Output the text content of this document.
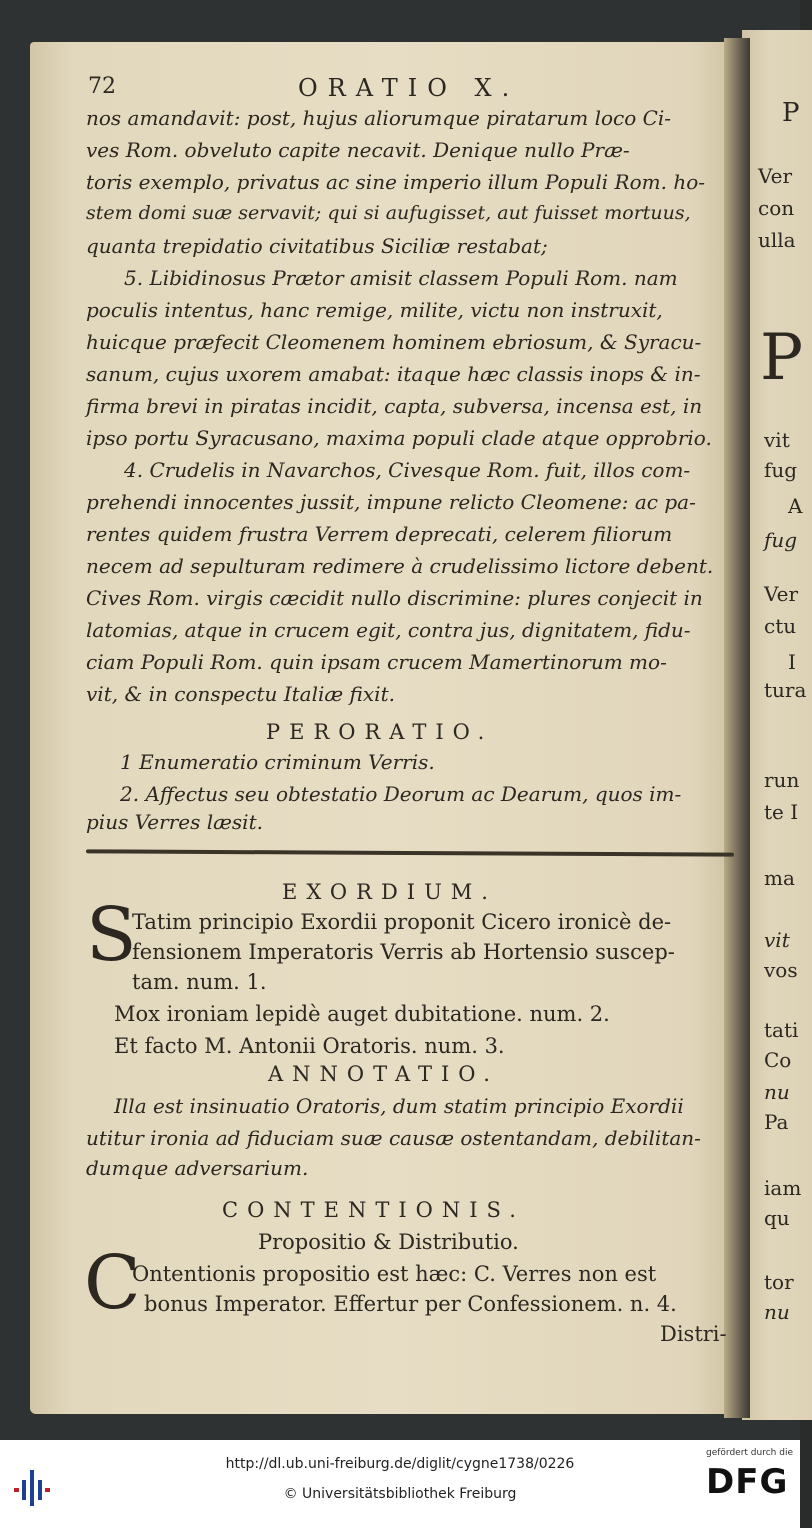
P
Ver
con
ulla
P
vit
fug
A
fug
Ver
ctu
I
tura
run
te I
ma
vit
vos
tati
Co
nu
Pa
iam
qu
tor
nu
72	ORATIO X.
nos amandavit: post, hujus aliorumque piratarum loco Ci-
ves Rom. obveluto capite necavit. Denique nullo Præ-
toris exemplo, privatus ac sine imperio illum Populi Rom. ho-
stem domi suæ servavit; qui si aufugisset, aut fuisset mortuus,
quanta trepidatio civitatibus Siciliæ restabat;
5. Libidinosus Prætor amisit classem Populi Rom. nam
poculis intentus, hanc remige, milite, victu non instruxit,
huicque præfecit Cleomenem hominem ebriosum, & Syracu-
sanum, cujus uxorem amabat: itaque hæc classis inops & in-
firma brevi in piratas incidit, capta, subversa, incensa est, in
ipso portu Syracusano, maxima populi clade atque opprobrio.
4. Crudelis in Navarchos, Civesque Rom. fuit, illos com-
prehendi innocentes jussit, impune relicto Cleomene: ac pa-
rentes quidem frustra Verrem deprecati, celerem filiorum
necem ad sepulturam redimere à crudelissimo lictore debent.
Cives Rom. virgis cæcidit nullo discrimine: plures conjecit in
latomias, atque in crucem egit, contra jus, dignitatem, fidu-
ciam Populi Rom. quin ipsam crucem Mamertinorum mo-
vit, & in conspectu Italiæ fixit.
PERORATIO.
1 Enumeratio criminum Verris.
2. Affectus seu obtestatio Deorum ac Dearum, quos im-
pius Verres læsit.
EXORDIUM.
S
Tatim principio Exordii proponit Cicero ironicè de-
fensionem Imperatoris Verris ab Hortensio suscep-
tam. num. 1.
Mox ironiam lepidè auget dubitatione. num. 2.
Et facto M. Antonii Oratoris. num. 3.
ANNOTATIO.
Illa est insinuatio Oratoris, dum statim principio Exordii
utitur ironia ad fiduciam suæ causæ ostentandam, debilitan-
dumque adversarium.
CONTENTIONIS.
Propositio & Distributio.
C
Ontentionis propositio est hæc: C. Verres non est
bonus Imperator. Effertur per Confessionem. n. 4.
Distri-
http://dl.ub.uni-freiburg.de/diglit/cygne1738/0226
© Universitätsbibliothek Freiburg
gefördert durch die
DFG
